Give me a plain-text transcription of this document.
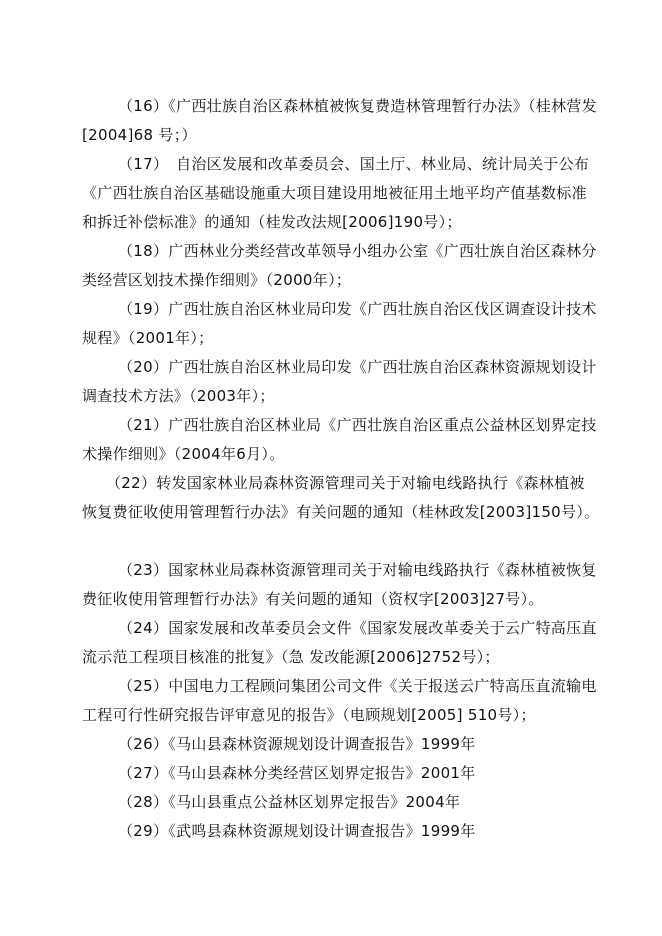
（16）《广西壮族自治区森林植被恢复费造林管理暂行办法》（桂林营发
[2004]68 号；）
（17）　自治区发展和改革委员会、国土厅、林业局、统计局关于公布
《广西壮族自治区基础设施重大项目建设用地被征用土地平均产值基数标准
和拆迁补偿标准》的通知（桂发改法规[2006]190号）；
（18）广西林业分类经营改革领导小组办公室《广西壮族自治区森林分
类经营区划技术操作细则》（2000年）；
（19）广西壮族自治区林业局印发《广西壮族自治区伐区调查设计技术
规程》（2001年）；
（20）广西壮族自治区林业局印发《广西壮族自治区森林资源规划设计
调查技术方法》（2003年）；
（21）广西壮族自治区林业局《广西壮族自治区重点公益林区划界定技
术操作细则》（2004年6月）。
（22）转发国家林业局森林资源管理司关于对输电线路执行《森林植被
恢复费征收使用管理暂行办法》有关问题的通知（桂林政发[2003]150号）。
（23）国家林业局森林资源管理司关于对输电线路执行《森林植被恢复
费征收使用管理暂行办法》有关问题的通知（资权字[2003]27号）。
（24）国家发展和改革委员会文件《国家发展改革委关于云广特高压直
流示范工程项目核准的批复》（急 发改能源[2006]2752号）；
（25）中国电力工程顾问集团公司文件《关于报送云广特高压直流输电
工程可行性研究报告评审意见的报告》（电顾规划[2005] 510号）；
（26）《马山县森林资源规划设计调查报告》1999年
（27）《马山县森林分类经营区划界定报告》2001年
（28）《马山县重点公益林区划界定报告》2004年
（29）《武鸣县森林资源规划设计调查报告》1999年
